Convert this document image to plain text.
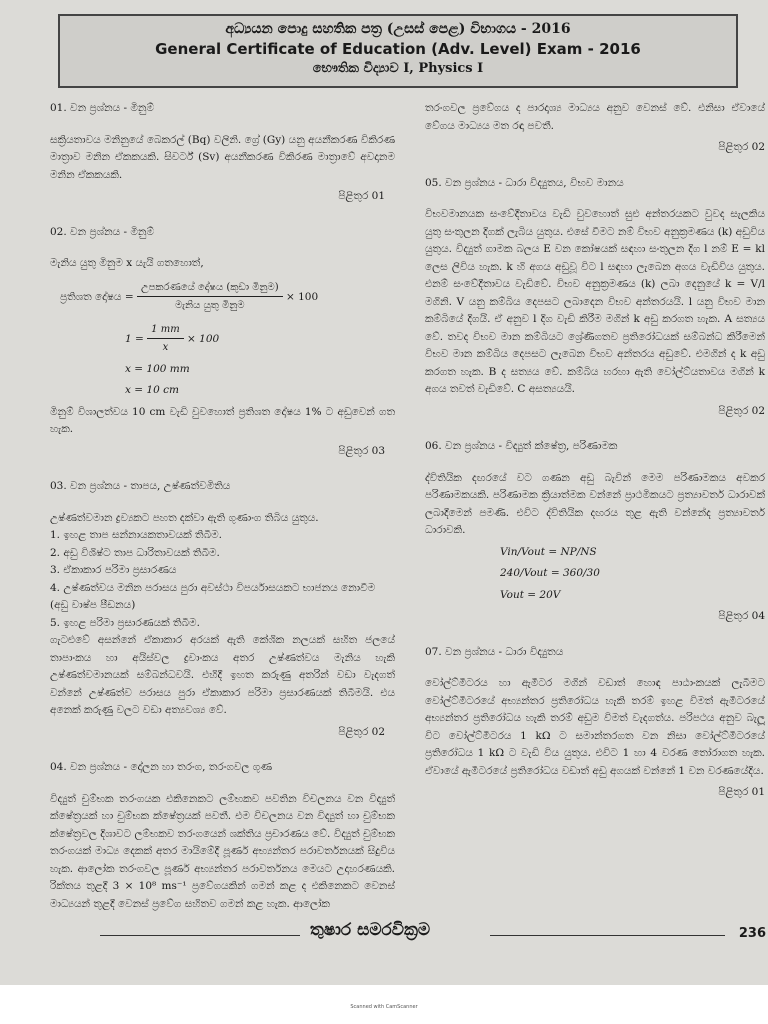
අධ්‍යයන පොදු සහතික පත්‍ර (උසස් පෙළ) විභාගය - 2016
General Certificate of Education (Adv. Level) Exam - 2016
භෞතික විද්‍යාව I, Physics I
01. වන ප්‍රශ්නය - මිනුම්

සක්‍රියතාවය මනිනුයේ බෙකරල් (Bq) වලිනි. ග්‍රේ (Gy) යනු අයනීකරණ විකිරණ මාත්‍රාව මනින ඒකකයකි. සිවර්ට් (Sv) අයනීකරණ විකිරණ මාත්‍රාවේ අවදානම මනින ඒකකයකි.

පිළිතුර 01
02. වන ප්‍රශ්නය - මිනුම්

මැනිය යුතු මිනුම x යැයි ගතහොත්,

ප්‍රතිශත දෝෂය = $\frac{\text{උපකරණයේ දෝෂය (කුඩා මිනුම)}}{\text{මැනිය යුතු මිනුම}} \times 100$
$1 = \frac{1 mm}{x} \times 100$
x = 100 mm
x = 10 cm

මිනුම් විශාලත්වය 10 cm වැඩි වුවහොත් ප්‍රතිශත දෝෂය 1% ට අඩුවෙන් ගත හැක.

පිළිතුර 03
03. වන ප්‍රශ්නය - තාපය, උෂ්ණත්වමිතිය

උෂ්ණත්වමාන ද්‍රව්‍යකට පහත දක්වා ඇති ගුණාංග තිබිය යුතුය.

1. ඉහළ තාප සන්නායකතාවයක් තිබීම.
2. අඩු විශිෂ්ට තාප ධාරිතාවයක් තිබීම.
3. ඒකාකාර පරිමා ප්‍රසාරණය
4. උෂ්ණත්වය මනින පරාසය පුරා අවස්ථා විපර්යාසයකට භාජනය නොවීම (අඩු වාෂ්ප පීඩනය)
5. ඉහළ පරිමා ප්‍රසාරණයක් තිබීම.

ගැටළුවේ අසන්නේ ඒකාකාර අරයක් ඇති කේශික නලයක් සහිත ජලයේ තාපාංකය හා අයිස්වල ද්‍රවාංකය අතර උෂ්ණත්වය මැනිය හැකි උෂ්ණත්වමානයක් සම්බන්ධවයි. එහිදී ඉහත කරුණු අතරින් වඩා වැදගත් වන්නේ උෂ්ණත්ව පරාසය පුරා ඒකාකාර පරිමා ප්‍රසාරණයක් තිබීමයි. එය අනෙක් කරුණු වලට වඩා අත්‍යවශ්‍ය වේ.

පිළිතුර 02
04. වන ප්‍රශ්නය - දෝලන හා තරංග, තරංගවල ගුණ

විද්‍යුත් චුම්භක තරංගයක එකිනෙකට ලම්භකව පවතින විචලනය වන විද්‍යුත් ක්ෂේත්‍රයක් හා චුම්භක ක්ෂේත්‍රයක් පවතී. එම විචලනය වන විද්‍යුත් හා චුම්භක ක්ෂේත්‍රවල දිශාවට ලම්භකව තරංගයෙන් ශක්තිය ප්‍රචාරණය වේ. විද්‍යුත් චුම්භක තරංගයක් මාධ්‍ය දෙකක් අතර මායිමේදී පූර්ණ අභ්‍යන්තර පරාවර්තනයක් සිදුවිය හැක. ආලෝක තරංගවල පූර්ණ අභ්‍යන්තර පරාවර්තනය මෙයට උදාහරණයකි. රික්තය තුළදී 3 × 10⁸ ms⁻¹ ප්‍රවේගයකින් ගමන් කළ ද එකිනෙකට වෙනස් මාධ්‍යයන් තුළදී වෙනස් ප්‍රවේග සහිතව ගමන් කළ හැක. ආලෝක

තරංගවල ප්‍රවේගය ද පාරදෘශ්‍ය මාධ්‍යය අනුව වෙනස් වේ. එනිසා ඒවායේ වේගය මාධ්‍යය මත රඳා පවතී.

පිළිතුර 02
05. වන ප්‍රශ්නය - ධාරා විද්‍යුතය, විභව මානය

විභවමානයක සංවේදීතාවය වැඩි වුවහොත් සුළු අන්තරයකට වුවද සැලකිය යුතු සංතුලන දිගක් ලැබිය යුතුය. එසේ වීමට නම් විභව අනුක්‍රමණය (k) අඩුවිය යුතුය. විද්‍යුත් ගාමක බලය E වන කෝෂයක් සඳහා සංතුලන දිග l නම් E = kl ලෙස ලිවිය හැක. k හි අගය අඩුවූ විට l සඳහා ලැබෙන අගය වැඩිවිය යුතුය. එනම් සංවේදීතාවය වැඩිවේ. විභව අනුක්‍රමණය (k) ලබා දෙනුයේ k = V/l මගිනි. V යනු කම්බිය දෙපසට ලබාදෙන විභව අන්තරයයි. l යනු විභව මාන කම්බියේ දිගයි. ඒ අනුව l දිග වැඩි කිරීම මගින් k අඩු කරගත හැක. A සත්‍යය වේ. තවද විභව මාන කම්බියට ශ්‍රේණිගතව ප්‍රතිරෝධයක් සම්බන්ධ කිරීමෙන් විභව මාන කම්බිය දෙපසට ලැබෙන විභව අන්තරය අඩුවේ. එමගින් ද k අඩු කරගත හැක. B ද සත්‍යය වේ. කම්බිය හරහා ඇති වෝල්ට්යතාවය මගින් k අගය තවත් වැඩිවේ. C අසත්‍යයයි.

පිළිතුර 02
06. වන ප්‍රශ්නය - විද්‍යුත් ක්ෂේත්‍ර, පරිණාමක

ද්විතියික දඟරයේ වට ගණන අඩු බැවින් මෙම පරිණාමකය අවකර පරිණාමකයකි. පරිණාමක ක්‍රියාත්මක වන්නේ ප්‍රාථමිකයට ප්‍රත්‍යාවර්ත ධාරාවක් ලබාදීමෙන් පමණි. එවිට ද්විතියික දඟරය තුළ ඇති වන්නේද ප්‍රත්‍යාවර්ත ධාරාවකි.

Vin/Vout = NP/NS
240/Vout = 360/30
Vout = 20V
පිළිතුර 04
07. වන ප්‍රශ්නය - ධාරා විද්‍යුතය

වෝල්ට්මීටරය හා ඇමීටර මගින් වඩාත් හොඳ පාඨාංකයක් ලැබීමට වෝල්ට්මීටරයේ අභ්‍යන්තර ප්‍රතිරෝධය හැකි තරම් ඉහළ විමත් ඇමීටරයේ අභ්‍යන්තර ප්‍රතිරෝධය හැකි තරම් අඩුම විමත් වැදගත්ය. පරිපථය අනුව බැලූ විට වෝල්ට්මීටරය 1 kΩ ට සමාන්තරගත වන නිසා වෝල්ට්මීටරයේ ප්‍රතිරෝධය 1 kΩ ට වැඩි විය යුතුය. එවිට 1 හා 4 වරණ තෝරාගත හැක. ඒවායේ ඇමීටරයේ ප්‍රතිරෝධය වඩාත් අඩු අගයක් වන්නේ 1 වන වරණයේදිය.

පිළිතුර 01
තුෂාර සමරවික්‍රම	236
Scanned with CamScanner
